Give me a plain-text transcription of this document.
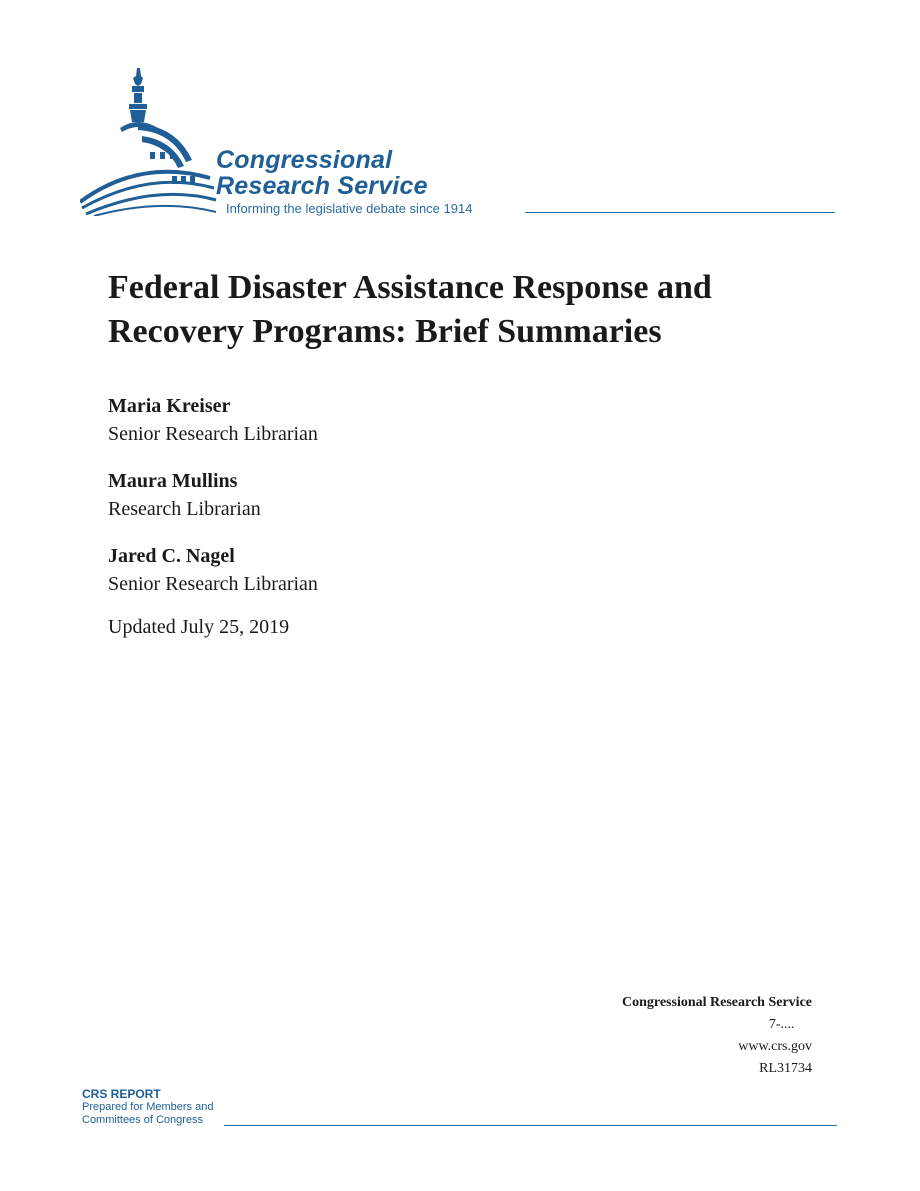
Congressional
Research Service
Informing the legislative debate since 1914
Federal Disaster Assistance Response and Recovery Programs: Brief Summaries
Maria Kreiser
Senior Research Librarian
Maura Mullins
Research Librarian
Jared C. Nagel
Senior Research Librarian
Updated July 25, 2019
Congressional Research Service
7-....
www.crs.gov
RL31734
CRS REPORT
Prepared for Members and
Committees of Congress
